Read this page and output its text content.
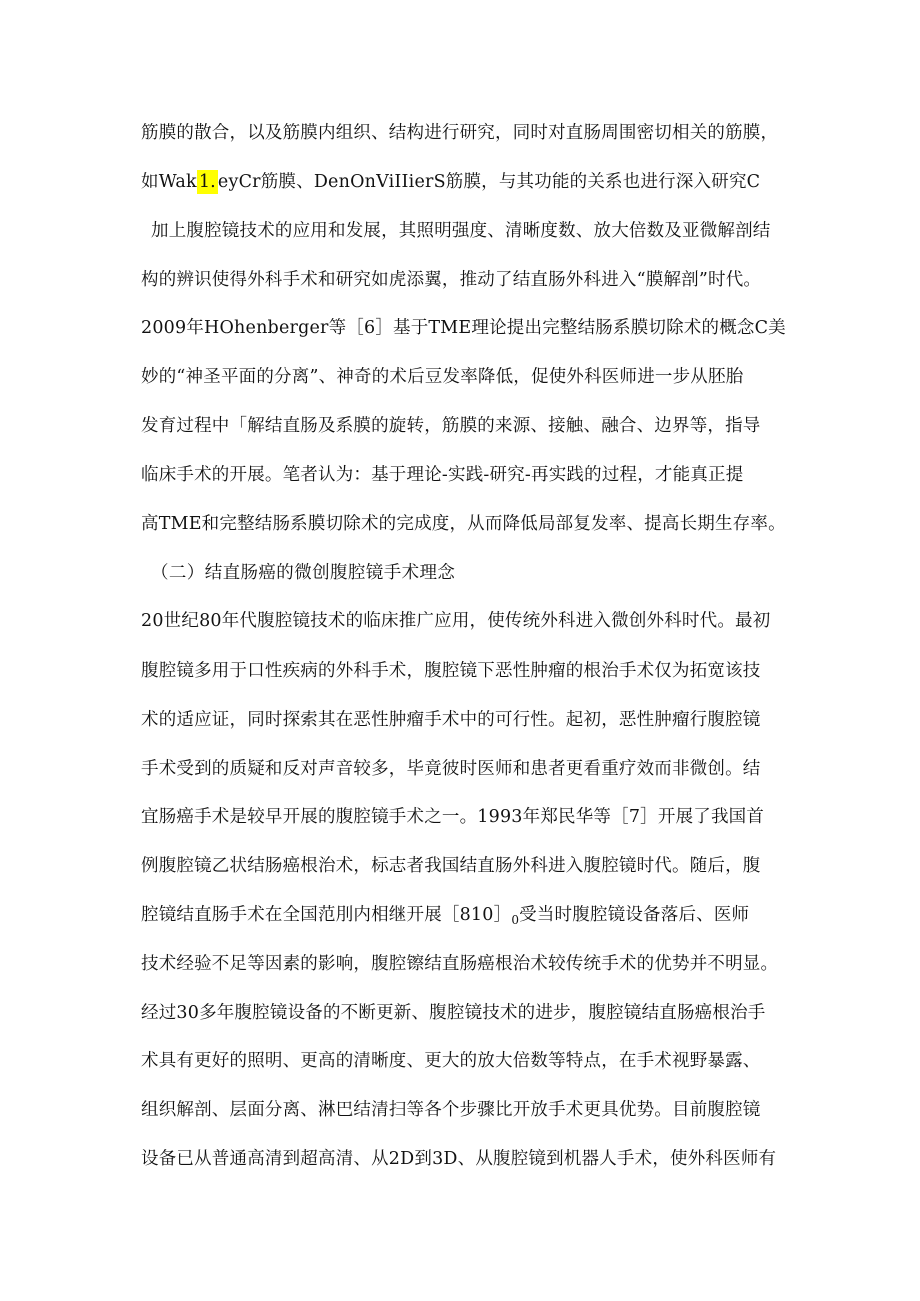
筋膜的散合，以及筋膜内组织、结构进行研究，同时对直肠周围密切相关的筋膜，
如Wak 1. eyCr筋膜、DenOnViIIierS筋膜，与其功能的关系也进行深入研究C
加上腹腔镜技术的应用和发展，其照明强度、清晰度数、放大倍数及亚微解剖结
构的辨识使得外科手术和研究如虎添翼，推动了结直肠外科进入“膜解剖”时代。
2009年HOhenberger等［6］基于TME理论提出完整结肠系膜切除术的概念C美
妙的“神圣平面的分离”、神奇的术后豆发率降低，促使外科医师进一步从胚胎
发育过程中「解结直肠及系膜的旋转，筋膜的来源、接触、融合、边界等，指导
临床手术的开展。笔者认为：基于理论-实践-研究-再实践的过程，才能真正提
高TME和完整结肠系膜切除术的完成度，从而降低局部复发率、提高长期生存率。
（二）结直肠癌的微创腹腔镜手术理念
20世纪80年代腹腔镜技术的临床推广应用，使传统外科进入微创外科时代。最初
腹腔镜多用于口性疾病的外科手术，腹腔镜下恶性肿瘤的根治手术仅为拓宽该技
术的适应证，同时探索其在恶性肿瘤手术中的可行性。起初，恶性肿瘤行腹腔镜
手术受到的质疑和反对声音较多，毕竟彼时医师和患者更看重疗效而非微创。结
宜肠癌手术是较早开展的腹腔镜手术之一。1993年郑民华等［7］开展了我国首
例腹腔镜乙状结肠癌根治术，标志者我国结直肠外科进入腹腔镜时代。随后，腹
腔镜结直肠手术在全国范刖内相继开展$[810]_0$受当时腹腔镜设备落后、医师
技术经验不足等因素的影响，腹腔镲结直肠癌根治术较传统手术的优势并不明显。
经过30多年腹腔镜设备的不断更新、腹腔镜技术的进步，腹腔镜结直肠癌根治手
术具有更好的照明、更高的清晰度、更大的放大倍数等特点，在手术视野暴露、
组织解剖、层面分离、淋巴结清扫等各个步骤比开放手术更具优势。目前腹腔镜
设备已从普通高清到超高清、从2D到3D、从腹腔镜到机器人手术，使外科医师有
